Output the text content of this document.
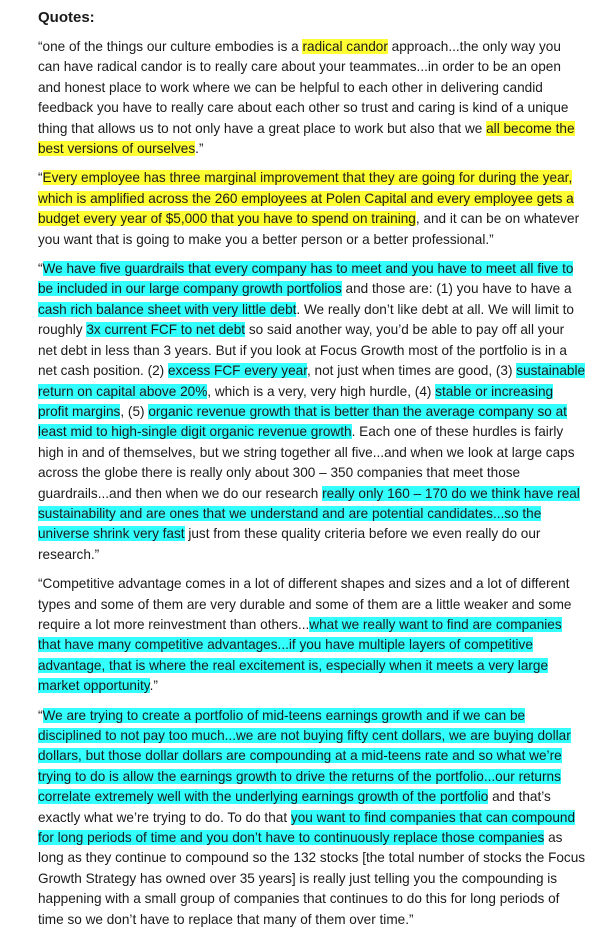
Quotes:

“one of the things our culture embodies is a radical candor approach...the only way you can have radical candor is to really care about your teammates...in order to be an open and honest place to work where we can be helpful to each other in delivering candid feedback you have to really care about each other so trust and caring is kind of a unique thing that allows us to not only have a great place to work but also that we all become the best versions of ourselves.”

“Every employee has three marginal improvement that they are going for during the year, which is amplified across the 260 employees at Polen Capital and every employee gets a budget every year of $5,000 that you have to spend on training, and it can be on whatever you want that is going to make you a better person or a better professional.”

“We have five guardrails that every company has to meet and you have to meet all five to be included in our large company growth portfolios and those are: (1) you have to have a cash rich balance sheet with very little debt. We really don’t like debt at all. We will limit to roughly 3x current FCF to net debt so said another way, you’d be able to pay off all your net debt in less than 3 years. But if you look at Focus Growth most of the portfolio is in a net cash position. (2) excess FCF every year, not just when times are good, (3) sustainable return on capital above 20%, which is a very, very high hurdle, (4) stable or increasing profit margins, (5) organic revenue growth that is better than the average company so at least mid to high-single digit organic revenue growth. Each one of these hurdles is fairly high in and of themselves, but we string together all five...and when we look at large caps across the globe there is really only about 300 – 350 companies that meet those guardrails...and then when we do our research really only 160 – 170 do we think have real sustainability and are ones that we understand and are potential candidates...so the universe shrink very fast just from these quality criteria before we even really do our research.”

“Competitive advantage comes in a lot of different shapes and sizes and a lot of different types and some of them are very durable and some of them are a little weaker and some require a lot more reinvestment than others...what we really want to find are companies that have many competitive advantages...if you have multiple layers of competitive advantage, that is where the real excitement is, especially when it meets a very large market opportunity.”

“We are trying to create a portfolio of mid-teens earnings growth and if we can be disciplined to not pay too much...we are not buying fifty cent dollars, we are buying dollar dollars, but those dollar dollars are compounding at a mid-teens rate and so what we’re trying to do is allow the earnings growth to drive the returns of the portfolio...our returns correlate extremely well with the underlying earnings growth of the portfolio and that’s exactly what we’re trying to do. To do that you want to find companies that can compound for long periods of time and you don’t have to continuously replace those companies as long as they continue to compound so the 132 stocks [the total number of stocks the Focus Growth Strategy has owned over 35 years] is really just telling you the compounding is happening with a small group of companies that continues to do this for long periods of time so we don’t have to replace that many of them over time.”
